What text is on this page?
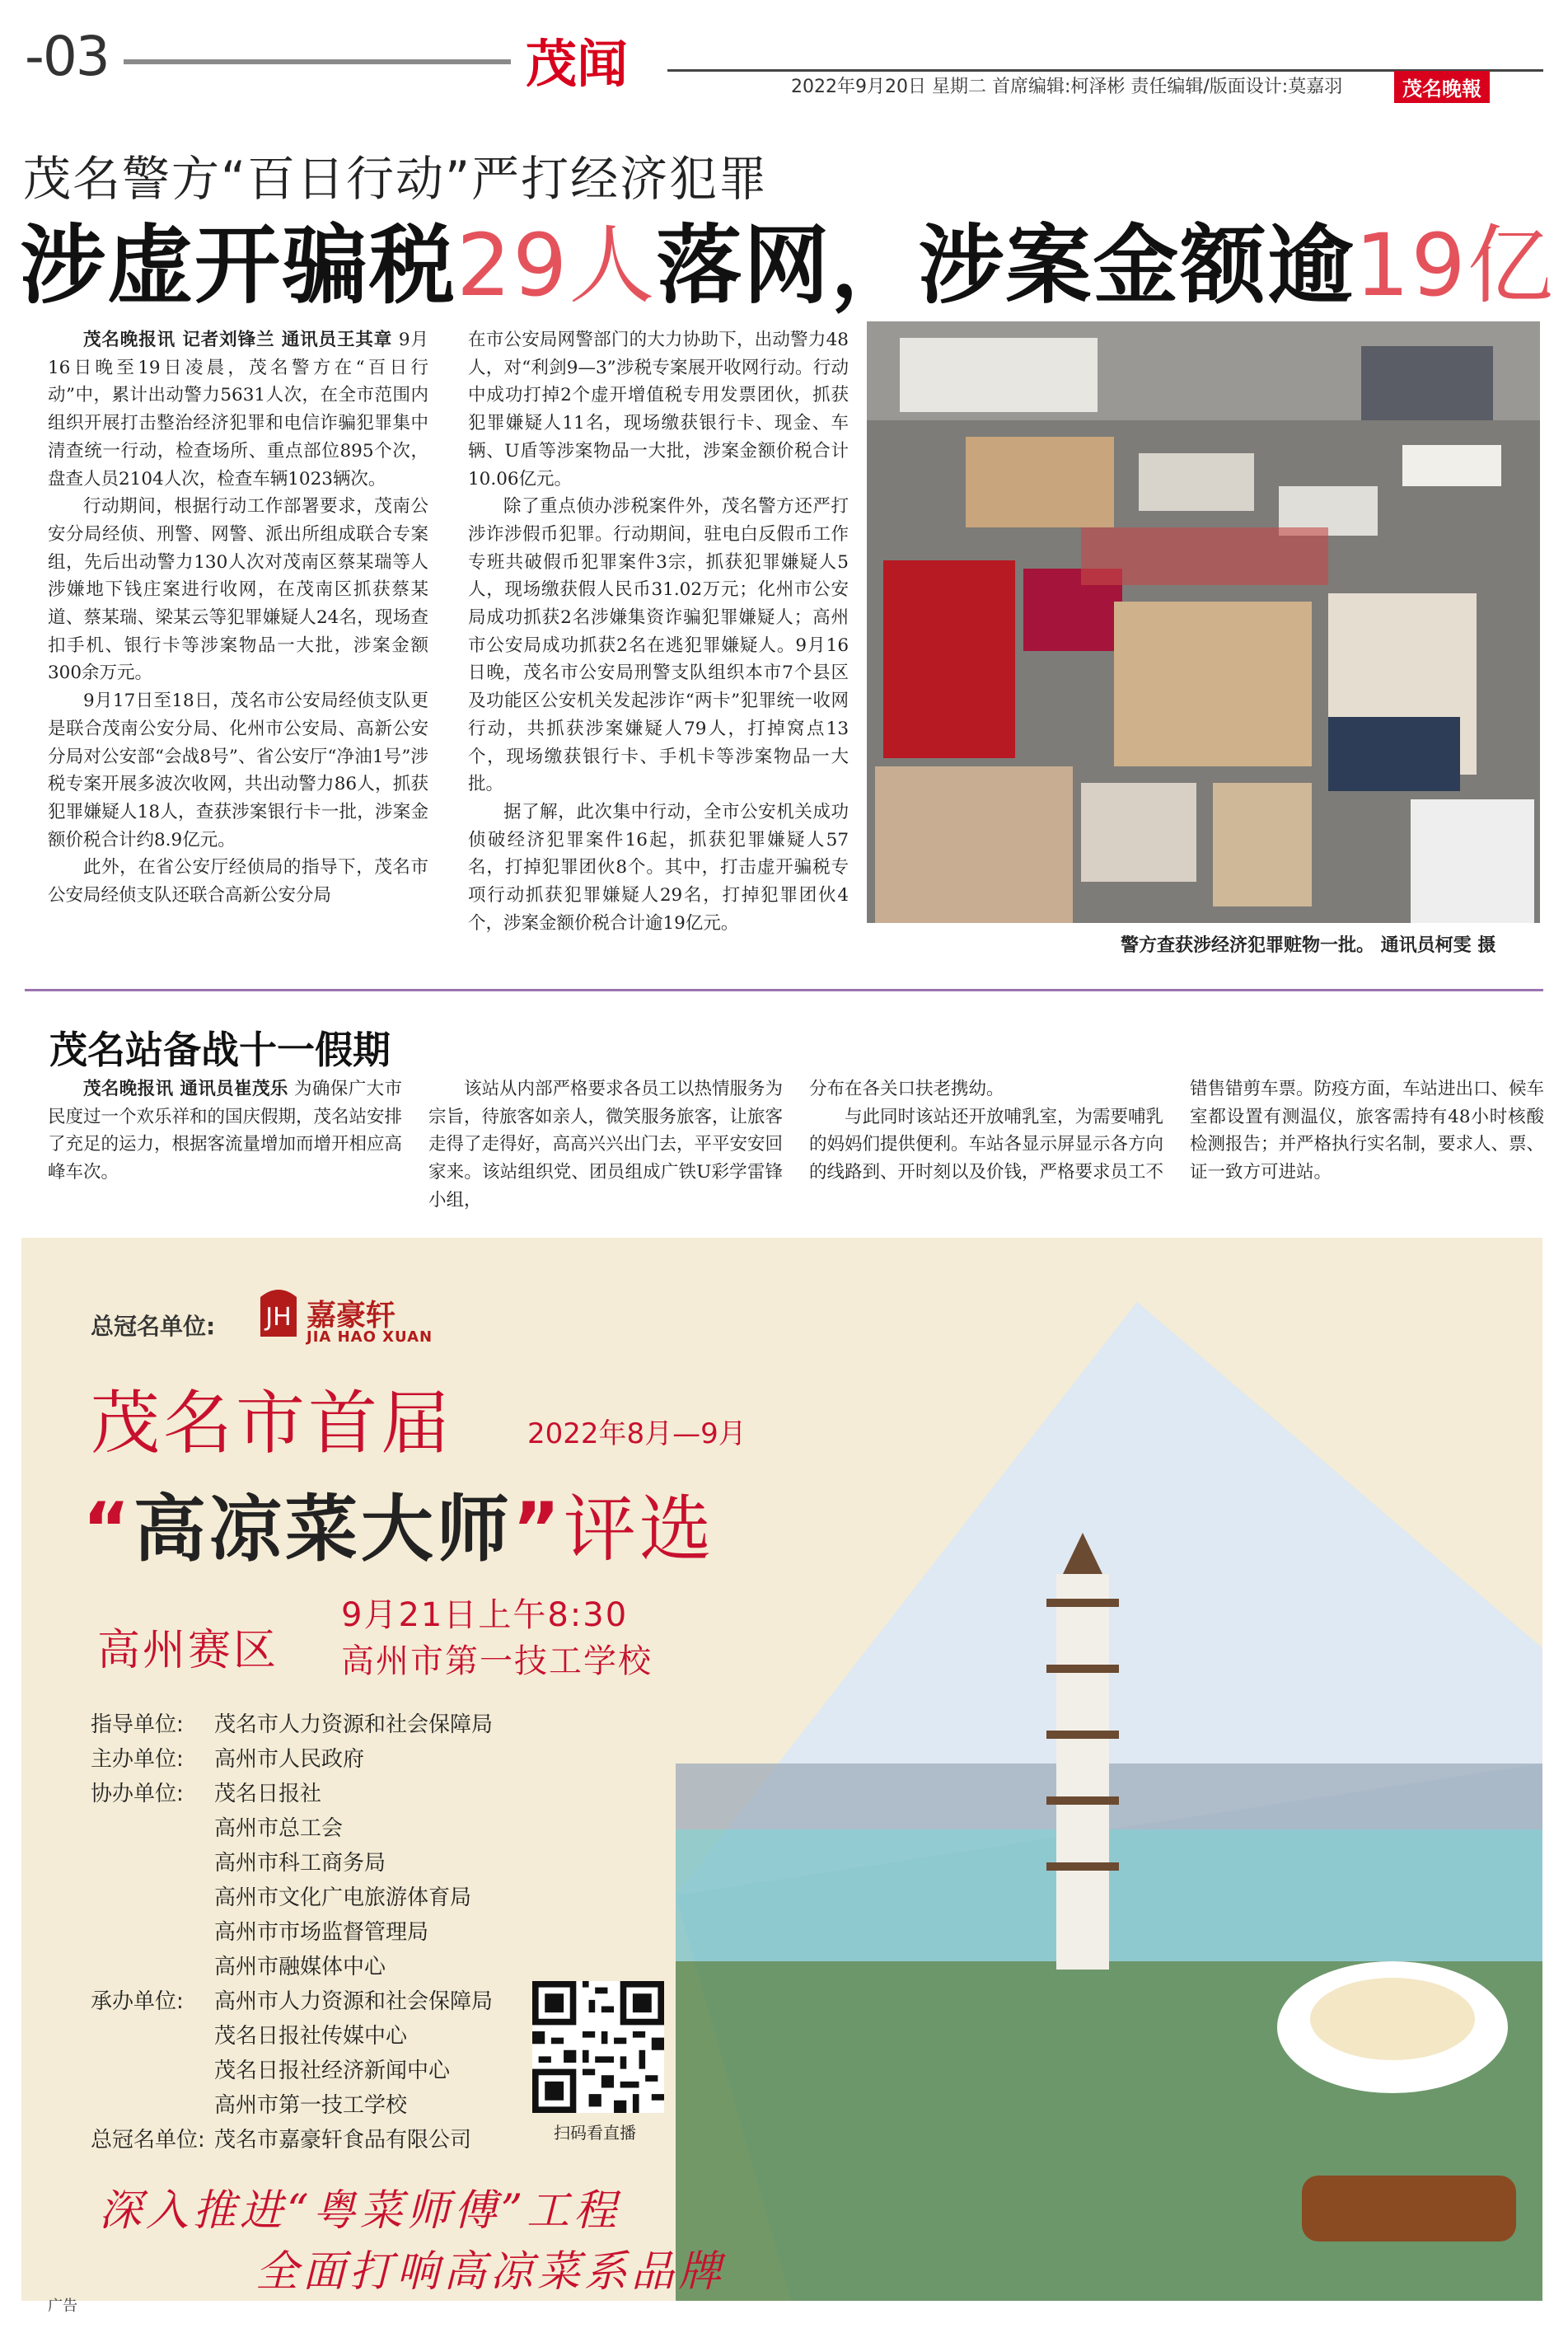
-03	茂闻	2022年9月20日 星期二 首席编辑:柯泽彬 责任编辑/版面设计:莫嘉羽	茂名晚報
茂名警方“百日行动”严打经济犯罪
涉虚开骗税29人落网，涉案金额逾19亿

茂名晚报讯 记者刘锋兰 通讯员王其章 9月16日晚至19日凌晨，茂名警方在“百日行动”中，累计出动警力5631人次，在全市范围内组织开展打击整治经济犯罪和电信诈骗犯罪集中清查统一行动，检查场所、重点部位895个次，盘查人员2104人次，检查车辆1023辆次。

行动期间，根据行动工作部署要求，茂南公安分局经侦、刑警、网警、派出所组成联合专案组，先后出动警力130人次对茂南区蔡某瑞等人涉嫌地下钱庄案进行收网，在茂南区抓获蔡某道、蔡某瑞、梁某云等犯罪嫌疑人24名，现场查扣手机、银行卡等涉案物品一大批，涉案金额300余万元。

9月17日至18日，茂名市公安局经侦支队更是联合茂南公安分局、化州市公安局、高新公安分局对公安部“会战8号”、省公安厅“净油1号”涉税专案开展多波次收网，共出动警力86人，抓获犯罪嫌疑人18人，查获涉案银行卡一批，涉案金额价税合计约8.9亿元。

此外，在省公安厅经侦局的指导下，茂名市公安局经侦支队还联合高新公安分局

在市公安局网警部门的大力协助下，出动警力48人，对“利剑9—3”涉税专案展开收网行动。行动中成功打掉2个虚开增值税专用发票团伙，抓获犯罪嫌疑人11名，现场缴获银行卡、现金、车辆、U盾等涉案物品一大批，涉案金额价税合计10.06亿元。

除了重点侦办涉税案件外，茂名警方还严打涉诈涉假币犯罪。行动期间，驻电白反假币工作专班共破假币犯罪案件3宗，抓获犯罪嫌疑人5人，现场缴获假人民币31.02万元；化州市公安局成功抓获2名涉嫌集资诈骗犯罪嫌疑人；高州市公安局成功抓获2名在逃犯罪嫌疑人。9月16日晚，茂名市公安局刑警支队组织本市7个县区及功能区公安机关发起涉诈“两卡”犯罪统一收网行动，共抓获涉案嫌疑人79人，打掉窝点13个，现场缴获银行卡、手机卡等涉案物品一大批。

据了解，此次集中行动，全市公安机关成功侦破经济犯罪案件16起，抓获犯罪嫌疑人57名，打掉犯罪团伙8个。其中，打击虚开骗税专项行动抓获犯罪嫌疑人29名，打掉犯罪团伙4个，涉案金额价税合计逾19亿元。

警方查获涉经济犯罪赃物一批。 通讯员柯雯 摄
茂名站备战十一假期

茂名晚报讯 通讯员崔茂乐 为确保广大市民度过一个欢乐祥和的国庆假期，茂名站安排了充足的运力，根据客流量增加而增开相应高峰车次。

该站从内部严格要求各员工以热情服务为宗旨，待旅客如亲人，微笑服务旅客，让旅客走得了走得好，高高兴兴出门去，平平安安回家来。该站组织党、团员组成广铁U彩学雷锋小组，

分布在各关口扶老携幼。

与此同时该站还开放哺乳室，为需要哺乳的妈妈们提供便利。车站各显示屏显示各方向的线路到、开时刻以及价钱，严格要求员工不

错售错剪车票。防疫方面，车站进出口、候车室都设置有测温仪，旅客需持有48小时核酸检测报告；并严格执行实名制，要求人、票、证一致方可进站。

总冠名单位: JH 嘉豪轩
JIA HAO XUAN
茂名市首届	2022年8月—9月
“高凉菜大师”评选
高州赛区
9月21日上午8:30
高州市第一技工学校
指导单位: 茂名市人力资源和社会保障局
主办单位: 高州市人民政府
协办单位: 茂名日报社
高州市总工会
高州市科工商务局
高州市文化广电旅游体育局
高州市市场监督管理局
高州市融媒体中心
承办单位: 高州市人力资源和社会保障局
茂名日报社传媒中心
茂名日报社经济新闻中心
高州市第一技工学校
总冠名单位: 茂名市嘉豪轩食品有限公司	扫码看直播
深入推进“粤菜师傅”工程
全面打响高凉菜系品牌
广告
